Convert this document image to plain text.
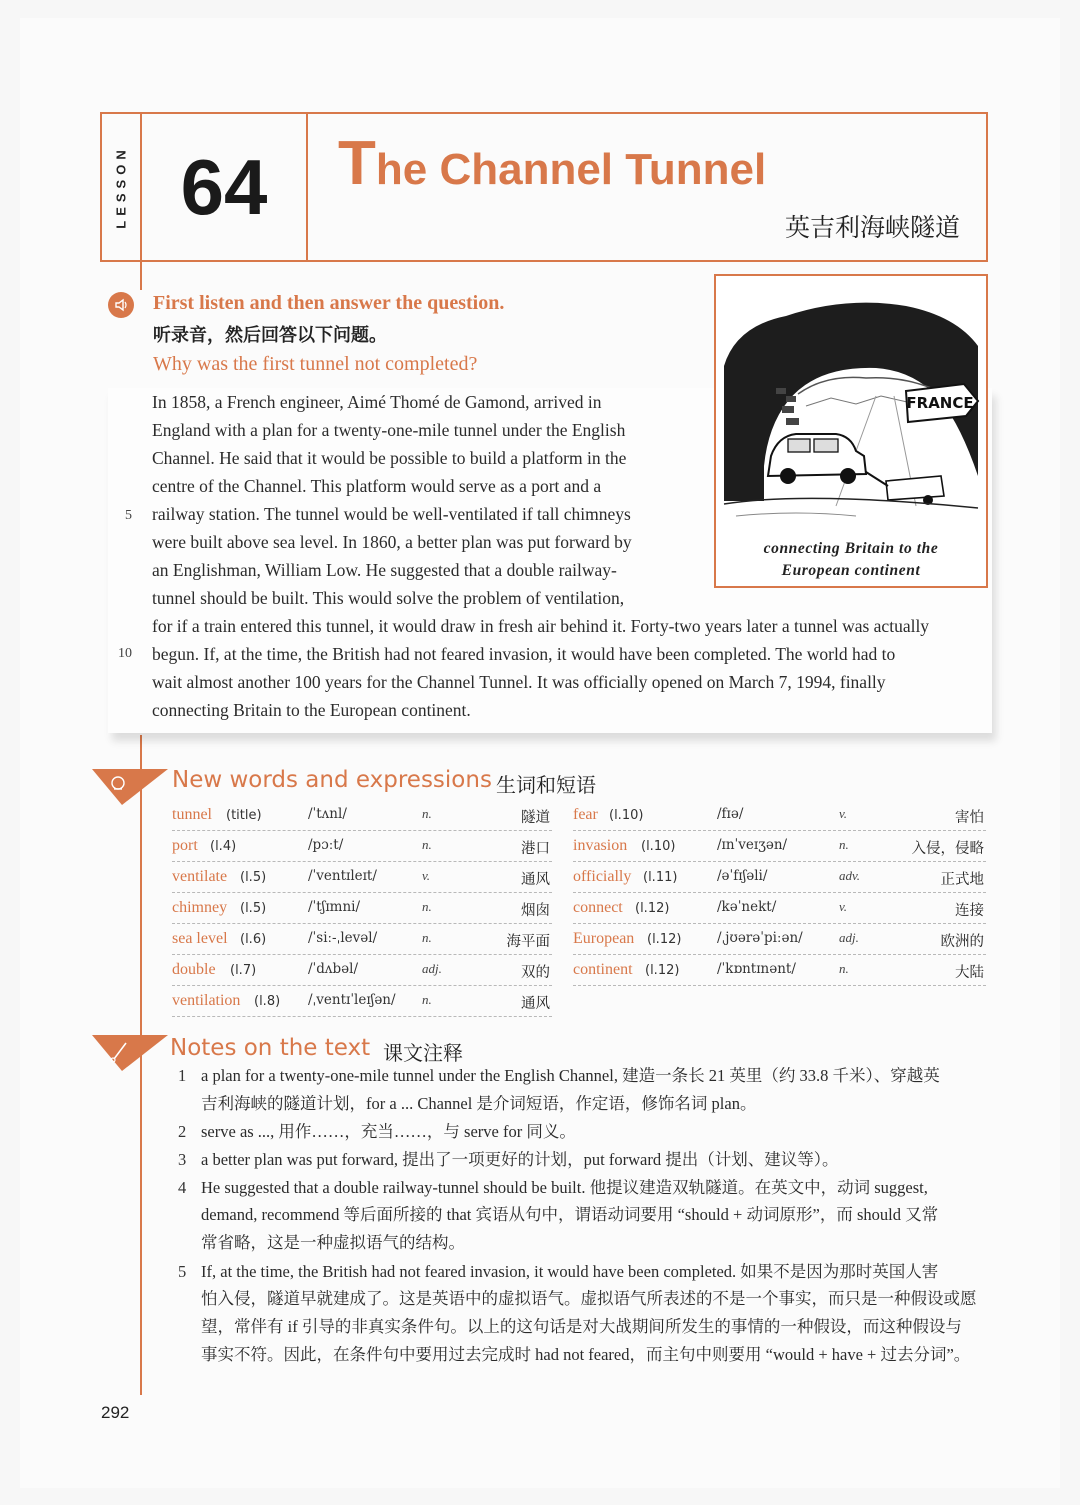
LESSON 64	The Channel Tunnel
英吉利海峡隧道
First listen and then answer the question.
听录音，然后回答以下问题。
Why was the first tunnel not completed?
In 1858, a French engineer, Aimé Thomé de Gamond, arrived in
England with a plan for a twenty-one-mile tunnel under the English
Channel. He said that it would be possible to build a platform in the
centre of the Channel. This platform would serve as a port and a
railway station. The tunnel would be well-ventilated if tall chimneys
were built above sea level. In 1860, a better plan was put forward by
an Englishman, William Low. He suggested that a double railway-
tunnel should be built. This would solve the problem of ventilation,
for if a train entered this tunnel, it would draw in fresh air behind it. Forty-two years later a tunnel was actually
begun. If, at the time, the British had not feared invasion, it would have been completed. The world had to
wait almost another 100 years for the Channel Tunnel. It was officially opened on March 7, 1994, finally
connecting Britain to the European continent.
5
10
FRANCE
connecting Britain to the
European continent
New words and expressions 生词和短语
tunnel (title)	/ˈtʌnl/	n.	隧道
port (l.4)	/pɔːt/	n.	港口
ventilate (l.5)	/ˈventɪleɪt/	v.	通风
chimney (l.5)	/ˈtʃɪmni/	n.	烟囱
sea level (l.6)	/ˈsiː-ˌlevəl/	n.	海平面
double (l.7)	/ˈdʌbəl/	adj.	双的
ventilation (l.8) /ˌventɪˈleɪʃən/ n.	通风
fear (l.10)	/fɪə/	v.	害怕
invasion (l.10)	/ɪnˈveɪʒən/	n.	入侵，侵略
officially (l.11)	/əˈfɪʃəli/	adv.	正式地
connect (l.12)	/kəˈnekt/	v.	连接
European (l.12)	/ˌjʊərəˈpiːən/	adj.	欧洲的
continent (l.12)	/ˈkɒntɪnənt/	n.	大陆
Notes on the text 课文注释
1 a plan for a twenty-one-mile tunnel under the English Channel, 建造一条长 21 英里（约 33.8 千米）、穿越英
吉利海峡的隧道计划，for a ... Channel 是介词短语，作定语，修饰名词 plan。
2 serve as ..., 用作……，充当……，与 serve for 同义。
3 a better plan was put forward, 提出了一项更好的计划，put forward 提出（计划、建议等）。
4 He suggested that a double railway-tunnel should be built. 他提议建造双轨隧道。在英文中，动词 suggest,
demand, recommend 等后面所接的 that 宾语从句中，谓语动词要用 “should + 动词原形”，而 should 又常
常省略，这是一种虚拟语气的结构。
5 If, at the time, the British had not feared invasion, it would have been completed. 如果不是因为那时英国人害
怕入侵，隧道早就建成了。这是英语中的虚拟语气。虚拟语气所表述的不是一个事实，而只是一种假设或愿
望，常伴有 if 引导的非真实条件句。以上的这句话是对大战期间所发生的事情的一种假设，而这种假设与
事实不符。因此，在条件句中要用过去完成时 had not feared，而主句中则要用 “would + have + 过去分词”。
292
